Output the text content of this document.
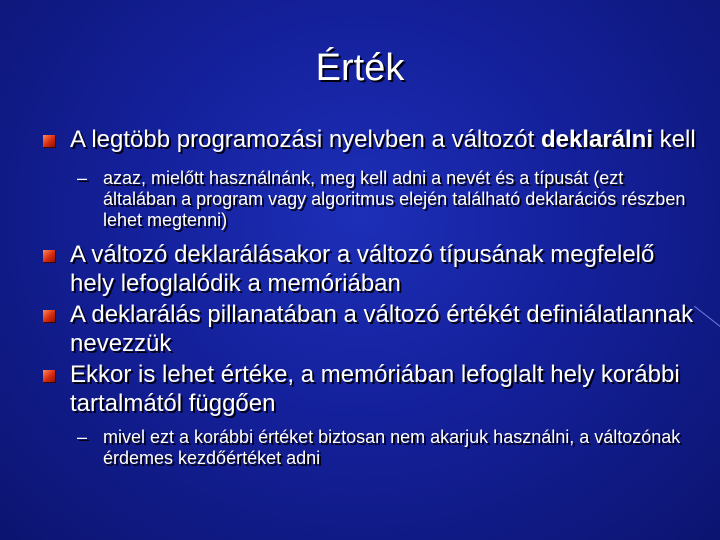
Érték
A legtöbb programozási nyelvben a változót deklarálni kell
– azaz, mielőtt használnánk, meg kell adni a nevét és a típusát (ezt általában a program vagy algoritmus elején található deklarációs részben lehet megtenni)
A változó deklarálásakor a változó típusának megfelelő hely lefoglalódik a memóriában
A deklarálás pillanatában a változó értékét definiálatlannak nevezzük
Ekkor is lehet értéke, a memóriában lefoglalt hely korábbi tartalmától függően
– mivel ezt a korábbi értéket biztosan nem akarjuk használni, a változónak érdemes kezdőértéket adni
